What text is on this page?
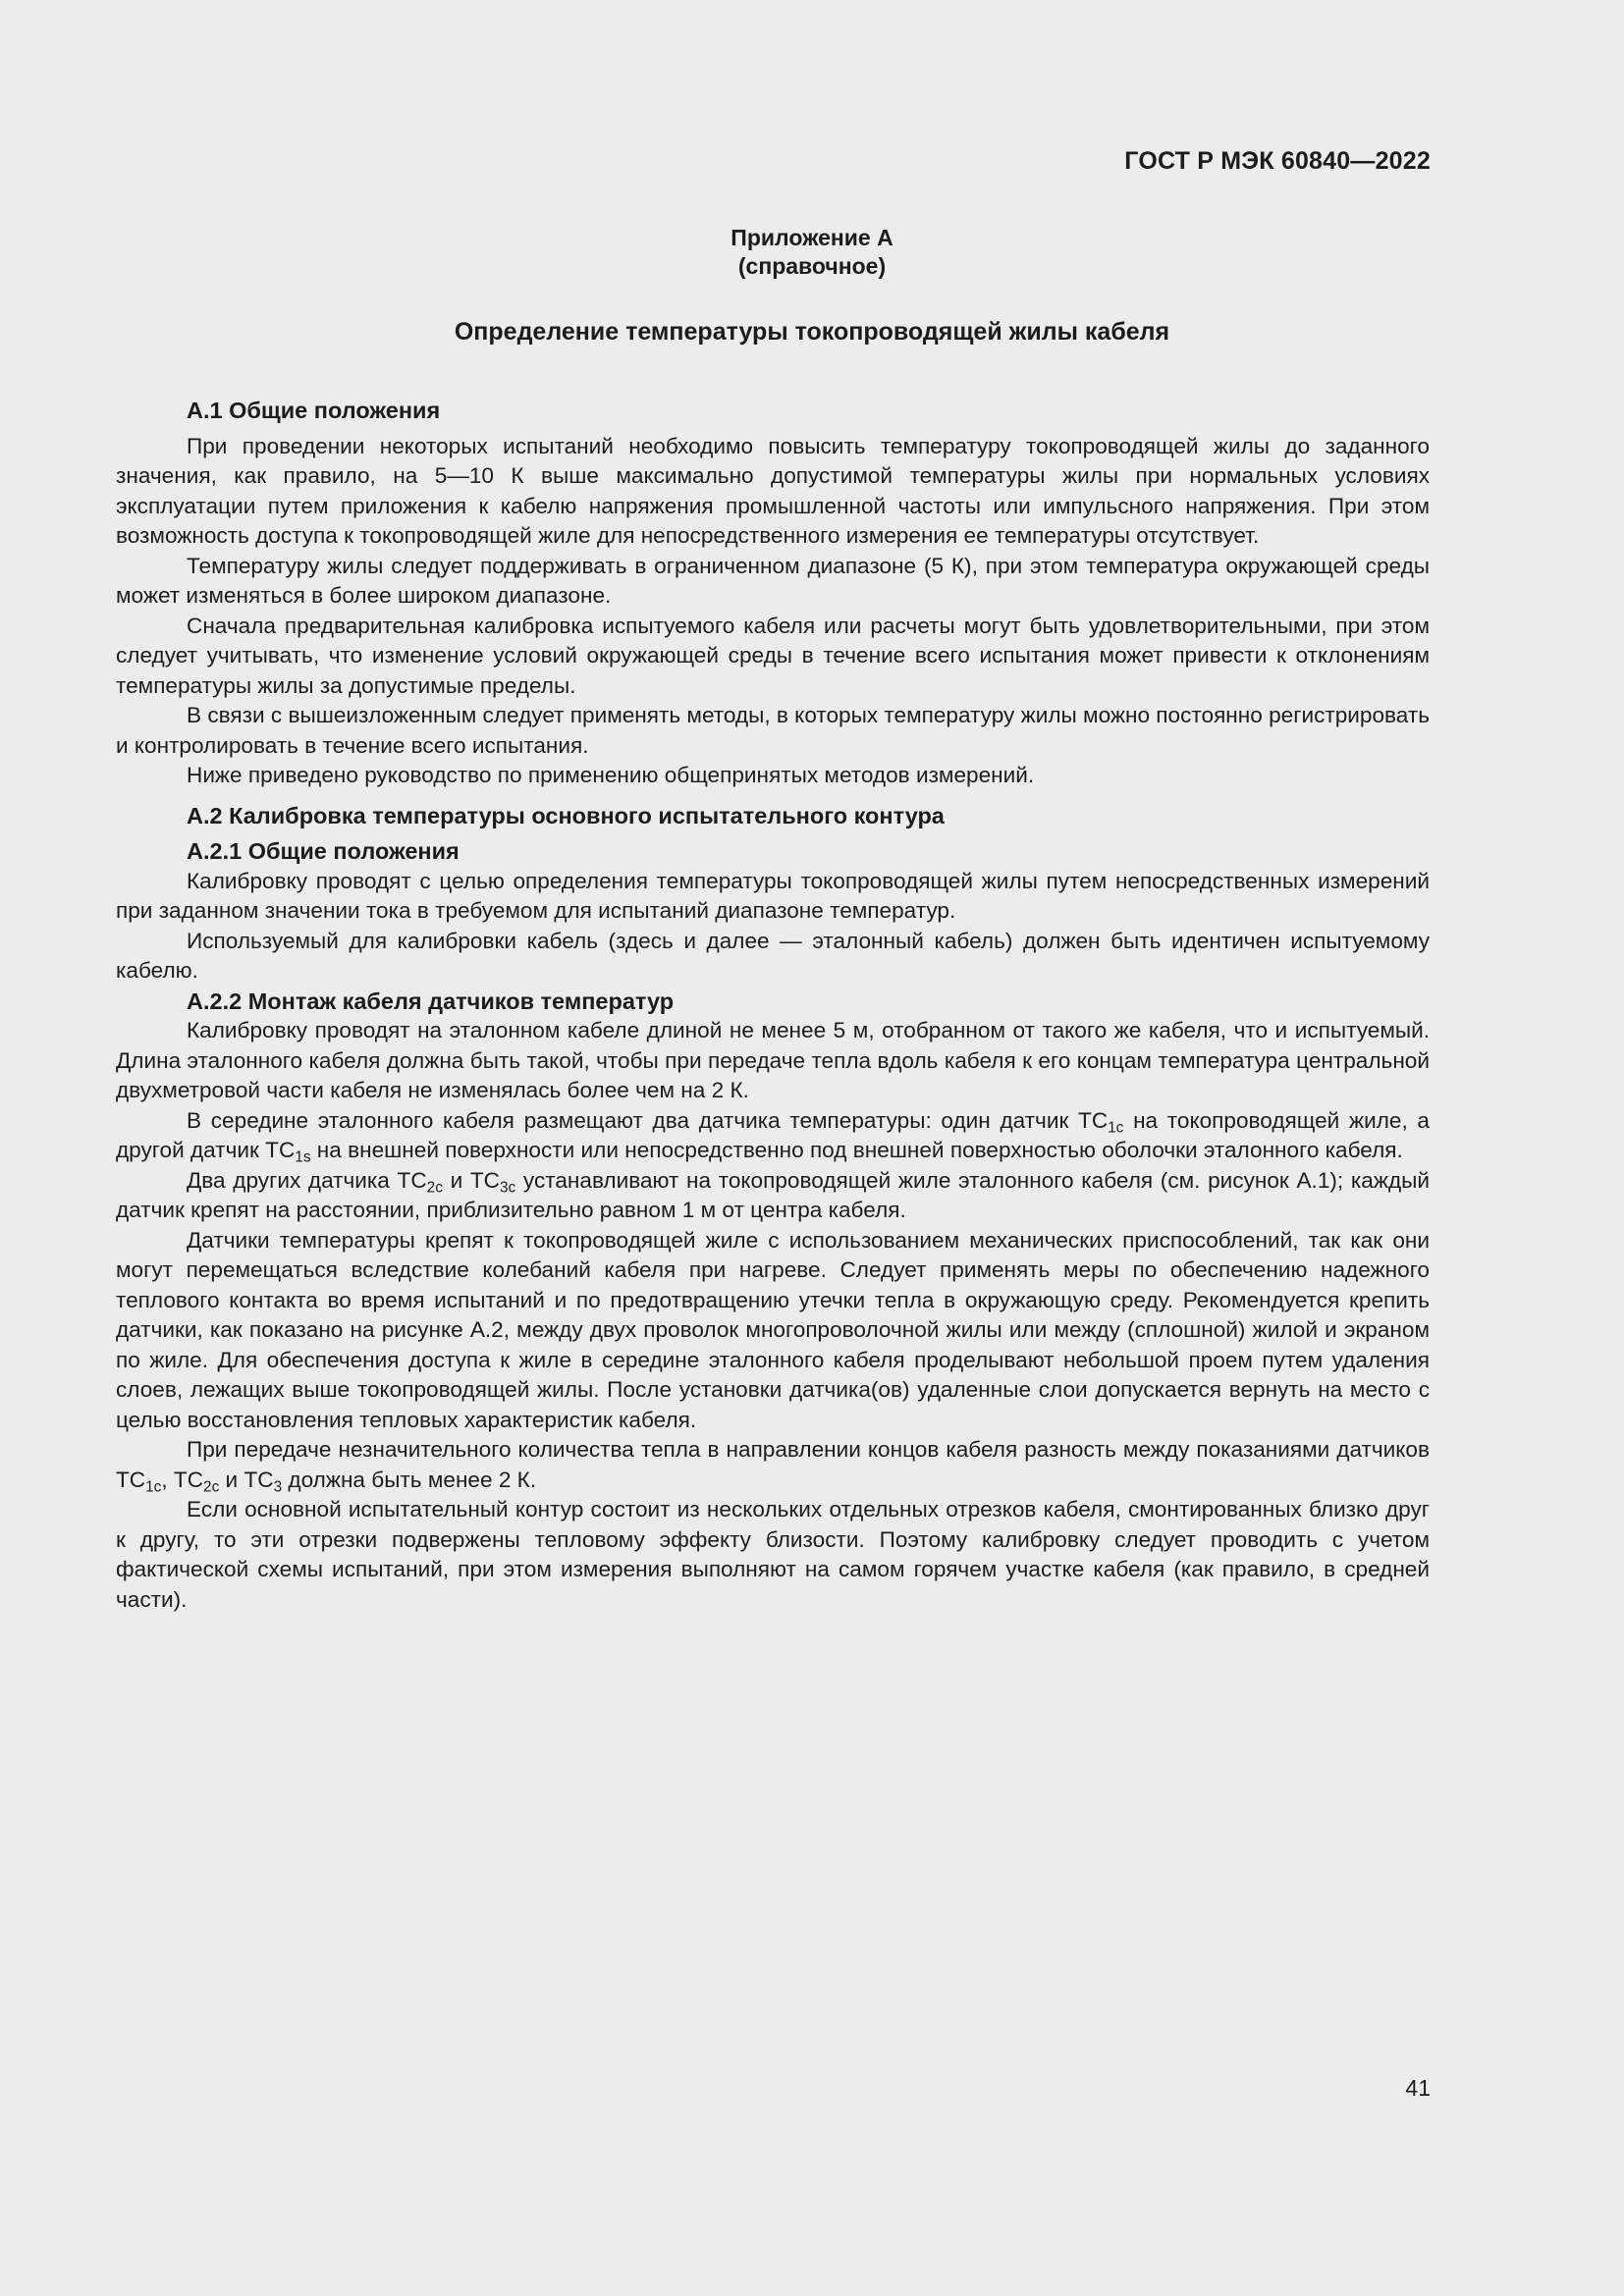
ГОСТ Р МЭК 60840—2022
Приложение А
(справочное)
Определение температуры токопроводящей жилы кабеля
А.1 Общие положения

При проведении некоторых испытаний необходимо повысить температуру токопроводящей жилы до заданного значения, как правило, на 5—10 К выше максимально допустимой температуры жилы при нормальных условиях эксплуатации путем приложения к кабелю напряжения промышленной частоты или импульсного напряжения. При этом возможность доступа к токопроводящей жиле для непосредственного измерения ее температуры отсутствует.

Температуру жилы следует поддерживать в ограниченном диапазоне (5 К), при этом температура окружающей среды может изменяться в более широком диапазоне.

Сначала предварительная калибровка испытуемого кабеля или расчеты могут быть удовлетворительными, при этом следует учитывать, что изменение условий окружающей среды в течение всего испытания может привести к отклонениям температуры жилы за допустимые пределы.

В связи с вышеизложенным следует применять методы, в которых температуру жилы можно постоянно регистрировать и контролировать в течение всего испытания.

Ниже приведено руководство по применению общепринятых методов измерений.

А.2 Калибровка температуры основного испытательного контура
А.2.1 Общие положения

Калибровку проводят с целью определения температуры токопроводящей жилы путем непосредственных измерений при заданном значении тока в требуемом для испытаний диапазоне температур.

Используемый для калибровки кабель (здесь и далее — эталонный кабель) должен быть идентичен испытуемому кабелю.

А.2.2 Монтаж кабеля датчиков температур

Калибровку проводят на эталонном кабеле длиной не менее 5 м, отобранном от такого же кабеля, что и испытуемый. Длина эталонного кабеля должна быть такой, чтобы при передаче тепла вдоль кабеля к его концам температура центральной двухметровой части кабеля не изменялась более чем на 2 К.

В середине эталонного кабеля размещают два датчика температуры: один датчик $TC_{1с}$ на токопроводящей жиле, а другой датчик $TC_{1s}$ на внешней поверхности или непосредственно под внешней поверхностью оболочки эталонного кабеля.

Два других датчика $TC_{2с}$ и $TC_{3с}$ устанавливают на токопроводящей жиле эталонного кабеля (см. рисунок А.1); каждый датчик крепят на расстоянии, приблизительно равном 1 м от центра кабеля.

Датчики температуры крепят к токопроводящей жиле с использованием механических приспособлений, так как они могут перемещаться вследствие колебаний кабеля при нагреве. Следует применять меры по обеспечению надежного теплового контакта во время испытаний и по предотвращению утечки тепла в окружающую среду. Рекомендуется крепить датчики, как показано на рисунке А.2, между двух проволок многопроволочной жилы или между (сплошной) жилой и экраном по жиле. Для обеспечения доступа к жиле в середине эталонного кабеля проделывают небольшой проем путем удаления слоев, лежащих выше токопроводящей жилы. После установки датчика(ов) удаленные слои допускается вернуть на место с целью восстановления тепловых характеристик кабеля.

При передаче незначительного количества тепла в направлении концов кабеля разность между показаниями датчиков $TC_{1с}$, $TC_{2с}$ и $TC_3$ должна быть менее 2 К.

Если основной испытательный контур состоит из нескольких отдельных отрезков кабеля, смонтированных близко друг к другу, то эти отрезки подвержены тепловому эффекту близости. Поэтому калибровку следует проводить с учетом фактической схемы испытаний, при этом измерения выполняют на самом горячем участке кабеля (как правило, в средней части).

41
